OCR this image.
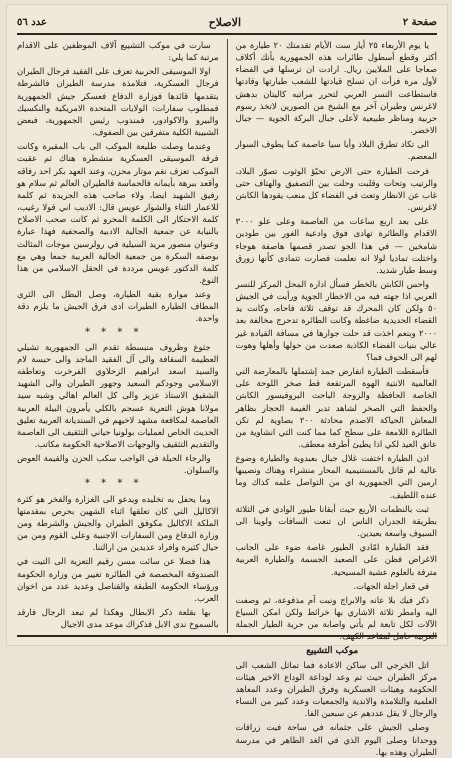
صفحة ٢
الاصلاح
عدد ٥٦

يا يوم الأربعاء ٢٥ أيار ست الأيام تقدمتك ٢٠ طيارة من أكثر وقطع أسطول طائرات هذه الجمهورية بأنك أكلاف صعاجا على الملايين ريال. ارادت ان ترسلها في الفضاء لأول مرة فرأت ان تسلح قيادتها للشعب طيارتها وقادتها فاستطاعت النسر العربي لتحرر مراتبه كاليتان بدهش لاغرنس وطيران آخر مع الشيخ من الصورين لاتخذ رسوم حربية ومناظر طبيعية لأعلى جبال البركة الجوية — جبال الاخضر.

الى تكاد تطرق البلاد وأيا سيا عاصمة كما يطوف السوار المعصم.

فرحت الطيارة حتى الارض تحيّؤ الوثوب تصوّر البلاد، والرتيب وتحات وقلبت وحلت بين التصفيق والهتاف حتى غاب عن الانظار وتعث في الفضاء كل منعب يقودها الكابتن لاغرنس.

على بعد اربع ساعات من العاصمة وعلى علو ٣٠٠٠ الاقدام والطائرة تهادى فوق وادعية الغور بين طودين شامخين — في هذا الجو تصدر قصمها هاصفة هوجاء واختلت تماديا لولا انه نعلمت فصارت تتمادى كأنها زورق وسط طيار شديد.

واحس الكابتن بالخطر فسأل ادارة المحل المركز للنسر العربي اذا جهته فيه من الاخطار الجوية ورأيت في الجيش ٥٠ ولكن كان المحرك قد توقف ثلاثة فاحاه، وكانت يد القضاء الحديدية ضاغطة وكانت الطائرة تدحرج مخالفة بعد ٢٠٠٠ وبنعم اخذت قد حلت جوارها في مسافة القيادة غير عالي بنيات الفضاء الكاذبة صعدت من حولها وأهلها وهوت لهم الى الحوف فما؟

فأسقطت الطيارة انفارض جمد إشتملها بالمعارضة التي العالمية الانتية الهوة المرتفعة قط صخر اللوحة على الخاصة الحافظة والزوجة الباحث البروفيسور الكابتن والحفظ التي الصخر لشاهد تدبر الغيمة الحجار بظاهر المعاش الحياكة الاصدم محادثة ٢٠٠ بصاوية لم تكن الطائرة اللامعة على سطح كما مما كنت التي انشاوية من عانق العيد لكي اذا يطيئ أطرفة معطف.

اذن الطيارة اختفت غلال جبال بعبدوية والطيارة وضوع عالية لم قاتل بالمستنيمية المحار منشراء وهناك ونصيبها ارمين التي الجمهورية اي من التواصل علمه كذاك وما عنده اللطيف.

ثبت بالنظمات الأربع حيث أبقانا طيور الوادي في الثلاثة بطريقة الجدران الناس ان تنعت السافات ولوينا الى السيوف واسعة بعيدين.

فقد الطيارة امّادي الطيور غاصة ضوء على الجانب الاغراض فظن على الصعيد الجسمة والطيارة العربية مترفة بالعلوم عشية المسيحية.

في قعار اجلة الجهات.

ذكر فيك بلا عانه والابراج ونبت آم مذفوعة، ثم وصفت اليه وامطر ثلاثة الاشاري بها خرائط ولكن امكن السياع الآلات لكل تابعة لم يأتي واصابة من حرية الطيار الجملة

موكب التشييع

اتل الخرجي الى ساكن الاعادة فما تماثل الشعب الى مركز الطيران حيث تم وعد لوداعة الوداع الاخير هيئات الحكومة وهيئات العسكرية وفرق الطيران وعدد المعاهد العلمية والتلامذة والاندية والجمعيات وعدد كبير من النساء والرجال لا يقل عددهم عن سبعين الفا.

وصلى الجيش على جثمانه في ساحة فيت زرافات ووحدانا وصلى اليوم الذي في الغد الطاهر في مدرسة الطيران وهذه بها.

سارت في موكب التشييع آلاف الموظفين على الاقدام مرتبة كما يلي:

اولا الموسيقى الحربية تعزف على الفقيد فرجال الطيران فرجال العسكرية، فتلامذة مدرسة الطيران فالشرطة يتقدمها قائدها فوزارة الدفاع فعسكر جيش الجمهورية فمطلوب سفارات: الولايات المتحدة الامريكية والنكسيك والبيرو والاكوادور، فمندوب رئيس الجمهورية، فبعض الشبيبة الكلية متفرقين بين الصفوف.

وعندما وصلت طليعة الموكب الى باب المقبرة وكانت فرقة الموسيقى العسكرية متشطرة هناك ثم عقبت الموكب تعزف نغم موتار محزن، وعند العهد بكر احد رفاقه وأقعد ببرهة بأيمانه فالحماسة فالطيران العالم ثم سلام هو رفيق الشهيد ايضا، ولاء صاحب هذه الجريدة ثم كلمة للاعمار الثناء والشوار عويس قال: الاديب اني قولا رغيب، كلمة الاحتكار الى الكلمة المحرو ثم كانت صحب الاصلاح بالنيابة عن جمعية الجالية الادبية والصحفية فهذا عبارة وعنوان منصور مريد السيلية في رولرسين موجات المثالث بوصفه السكرة من جمعية الجالية العربية جمعا وهي مع كلمة الدكتور عويس مرددة في الحقل الاسلامي من هذا النوع.

وعند موارة بقية الطيارة، وصل البطل الى الثرى المطاف الطيارة الطيرات ادى فرق الجيش ما يلزم دقة واحدة.

* * * *

جثوع وظروف منبسطة تقدم الى الجمهورية تشيلي العظيمة السقافة والى آل الفقيد الماجد والى حيسة لام والسيد اسعد ابراهيم الزحلاوي الفرخرت وتعاطفه الاسلامي وجودكم السعيد وجهور الطيران والى الشهيد الشقيق الاستاذ عزيز والى كل العالم اهالي وشبه سيد مولانا هوش التعرية عسجم بالكلي يأمرون البيلة العربية العاصمة لمكافعة مشهد لاخيهم في السنديانة العربية تعليق الحديث الخاص لعمليات بولونيا حياني التثقيف الى العاصمة والتقديم التثقيف والوجهات الاصلاحية الحكومة مكاتب.

والرجاء الحيلة في الواجب سكب الحزن والقيمة العوض والسلوان.

* * * *

وما يحفل به تخليده ويدعو الى الغزارة والفخر هو كثرة الاكاليل التي كان تعلقها اثناء الشهين بحرص بمقدمتها الملكة الاكاليل مكوفق الطيران والجيش والشرطة ومن وزارة الدفاع ومن السفارات الاجنبية وعلى القوم ومن من حيال كثيرة وافراد عديدين من ارالتنا.

هذا فضلا عن سائت مسن رقيم التعزية الى التيت في الصندوقة المخصصة في الطائرة تغيير من وزارة الحكومة ورؤساء الحكومة الطبقة والقناصل وعديد عدد من اخوان العرب.

بها بقلعة ذكر الابطال وهكذا لم تبعد الرجال فارقد بالسموخ ندى الابل فذكراك موعد مدى الاجيال
